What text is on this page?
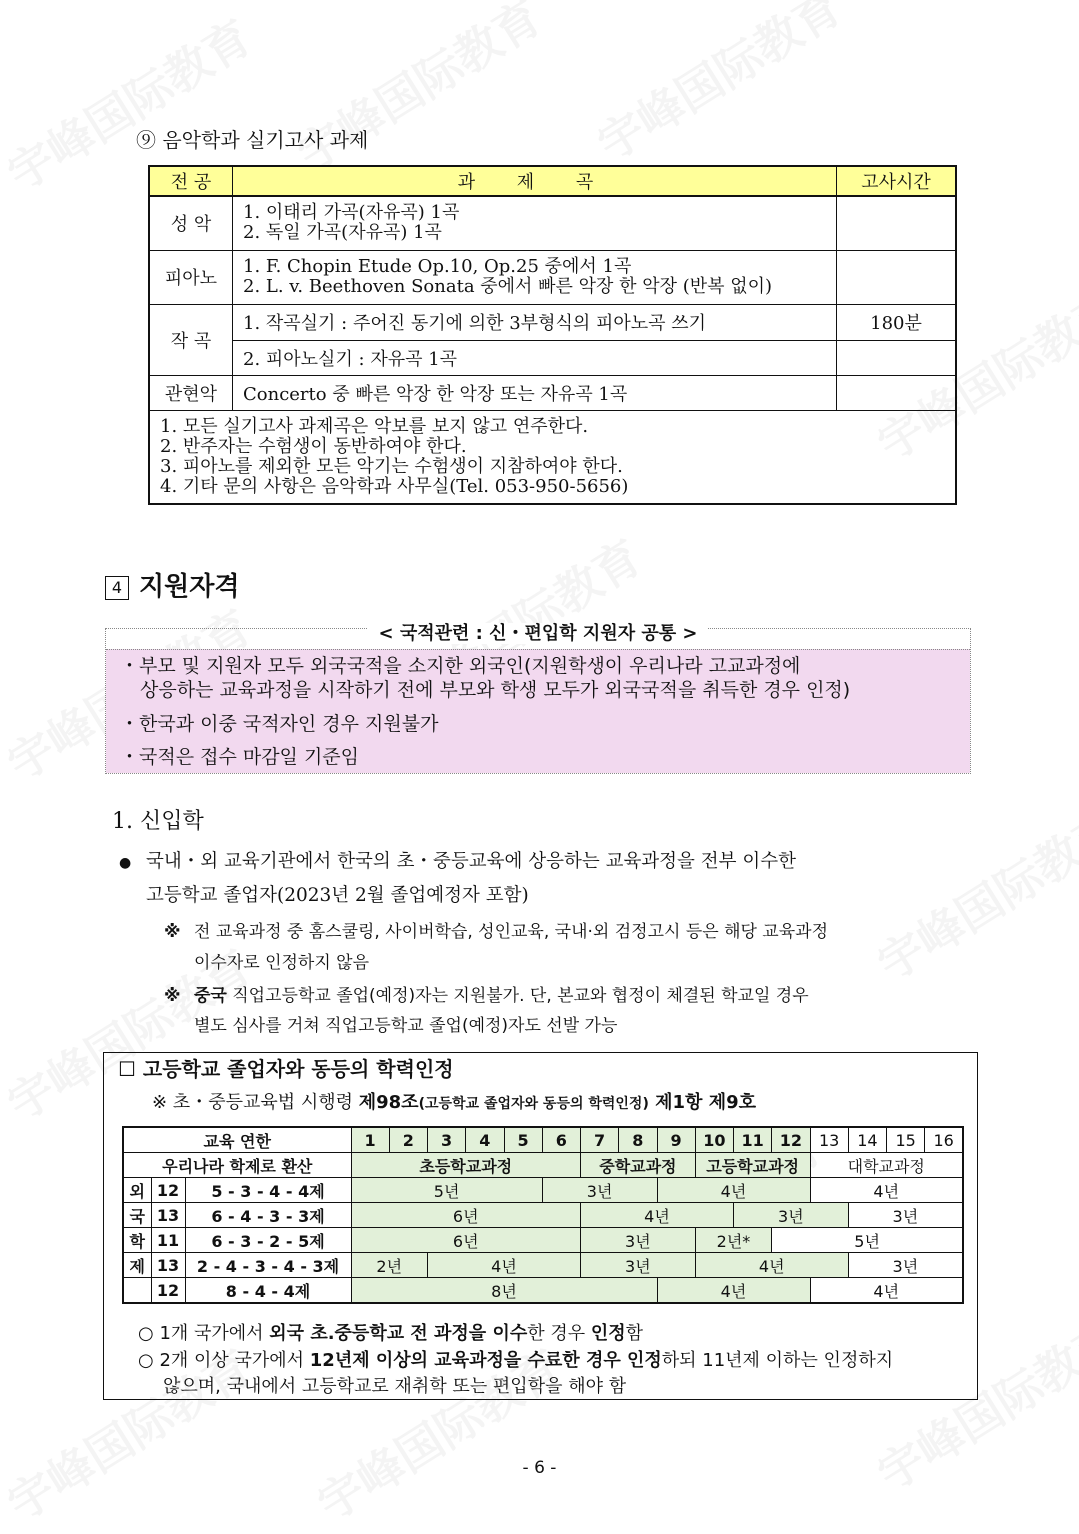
⑨ 음악학과 실기고사 과제
전 공	과 제 곡	고사시간
성 악	1. 이태리 가곡(자유곡) 1곡
2. 독일 가곡(자유곡) 1곡	

피아노	1. F. Chopin Etude Op.10, Op.25 중에서 1곡
2. L. v. Beethoven Sonata 중에서 빠른 악장 한 악장 (반복 없이)	

작 곡	1. 작곡실기 : 주어진 동기에 의한 3부형식의 피아노곡 쓰기	180분
	2. 피아노실기 : 자유곡 1곡	
관현악	Concerto 중 빠른 악장 한 악장 또는 자유곡 1곡	

1. 모든 실기고사 과제곡은 악보를 보지 않고 연주한다.
2. 반주자는 수험생이 동반하여야 한다.
3. 피아노를 제외한 모든 악기는 수험생이 지참하여야 한다.
4. 기타 문의 사항은 음악학과 사무실(Tel. 053-950-5656)		
4 지원자격
・부모 및 지원자 모두 외국국적을 소지한 외국인(지원학생이 우리나라 고교과정에
상응하는 교육과정을 시작하기 전에 부모와 학생 모두가 외국국적을 취득한 경우 인정)
・한국과 이중 국적자인 경우 지원불가
・국적은 접수 마감일 기준임
< 국적관련 : 신・편입학 지원자 공통 >
1. 신입학
● 국내・외 교육기관에서 한국의 초・중등교육에 상응하는 교육과정을 전부 이수한
고등학교 졸업자(2023년 2월 졸업예정자 포함)
※ 전 교육과정 중 홈스쿨링, 사이버학습, 성인교육, 국내·외 검정고시 등은 해당 교육과정
이수자로 인정하지 않음
※ 중국 직업고등학교 졸업(예정)자는 지원불가. 단, 본교와 협정이 체결된 학교일 경우
별도 심사를 거쳐 직업고등학교 졸업(예정)자도 선발 가능
☐ 고등학교 졸업자와 동등의 학력인정
※ 초・중등교육법 시행령 제98조(고등학교 졸업자와 동등의 학력인정) 제1항 제9호
교육 연한			1	2	3	4	5	6	7	8	9	10	11	12	13	14	15	16
우리나라 학제로 환산			초등학교과정						중학교과정			고등학교과정			대학교과정			
외	12	5 - 3 - 4 - 4제	5년					3년			4년				4년			
국	13	6 - 4 - 3 - 3제	6년						4년				3년			3년		
학	11	6 - 3 - 2 - 5제	6년						3년			2년*		5년				
제	13	2 - 4 - 3 - 4 - 3제	2년		4년				3년			4년				3년		
	12	8 - 4 - 4제	8년								4년				4년			
○ 1개 국가에서 외국 초.중등학교 전 과정을 이수한 경우 인정함
○ 2개 이상 국가에서 12년제 이상의 교육과정을 수료한 경우 인정하되 11년제 이하는 인정하지
않으며, 국내에서 고등학교로 재취학 또는 편입학을 해야 함
- 6 -
